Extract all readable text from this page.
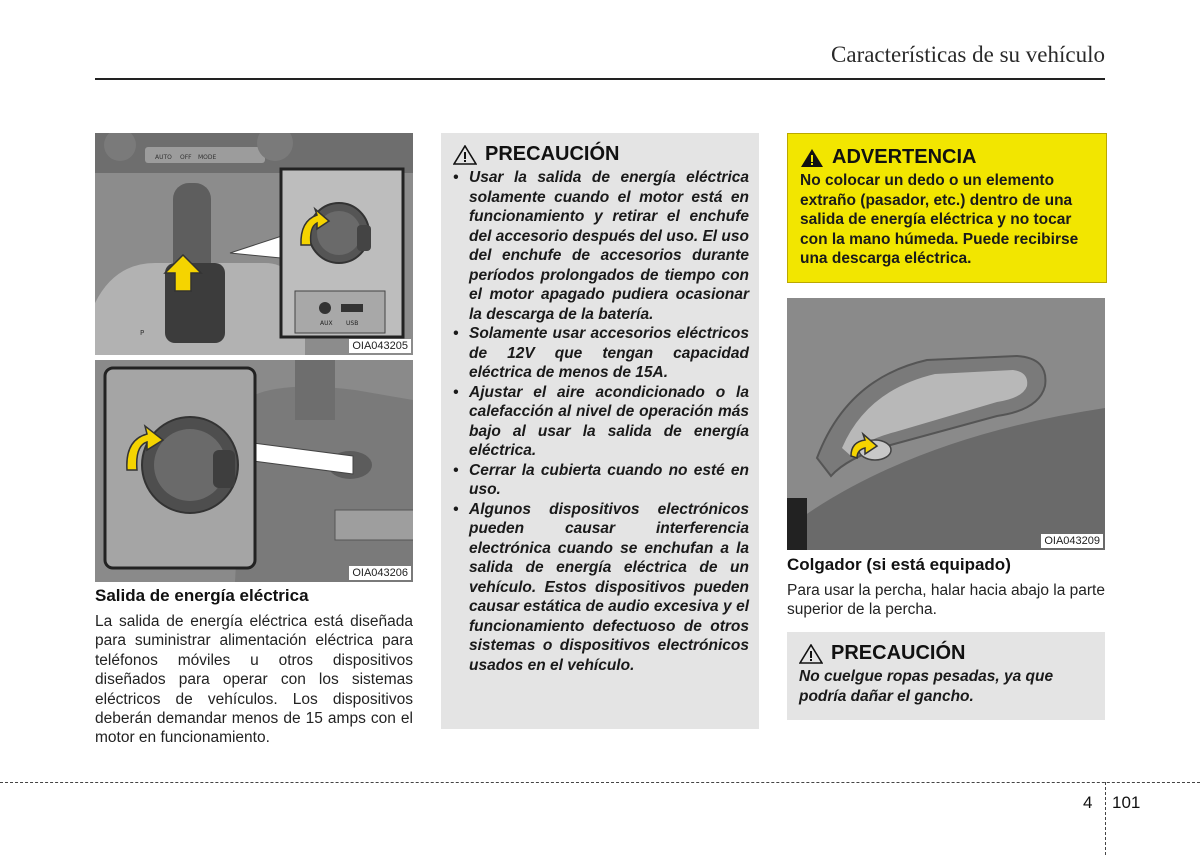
Características de su vehículo
AUTO OFF MODE
P
AUX USB
OIA043205
OIA043206
Salida de energía eléctrica
La salida de energía eléctrica está diseñada para suministrar alimentación eléctrica para teléfonos móviles u otros dispositivos diseñados para operar con los sistemas eléctricos de vehículos. Los dispositivos deberán demandar menos de 15 amps con el motor en funcionamiento.
PRECAUCIÓN
• Usar la salida de energía eléctrica solamente cuando el motor está en funcionamiento y retirar el enchufe del accesorio después del uso. El uso del enchufe de accesorios durante períodos prolongados de tiempo con el motor apagado pudiera ocasionar la descarga de la batería.
• Solamente usar accesorios eléctricos de 12V que tengan capacidad eléctrica de menos de 15A.
• Ajustar el aire acondicionado o la calefacción al nivel de operación más bajo al usar la salida de energía eléctrica.
• Cerrar la cubierta cuando no esté en uso.
• Algunos dispositivos electrónicos pueden causar interferencia electrónica cuando se enchufan a la salida de energía eléctrica de un vehículo. Estos dispositivos pueden causar estática de audio excesiva y el funcionamiento defectuoso de otros sistemas o dispositivos electrónicos usados en el vehículo.
ADVERTENCIA
No colocar un dedo o un elemento extraño (pasador, etc.) dentro de una salida de energía eléctrica y no tocar con la mano húmeda. Puede recibirse una descarga eléctrica.
OIA043209
Colgador (si está equipado)
Para usar la percha, halar hacia abajo la parte superior de la percha.
PRECAUCIÓN
No cuelgue ropas pesadas, ya que podría dañar el gancho.
4 101
